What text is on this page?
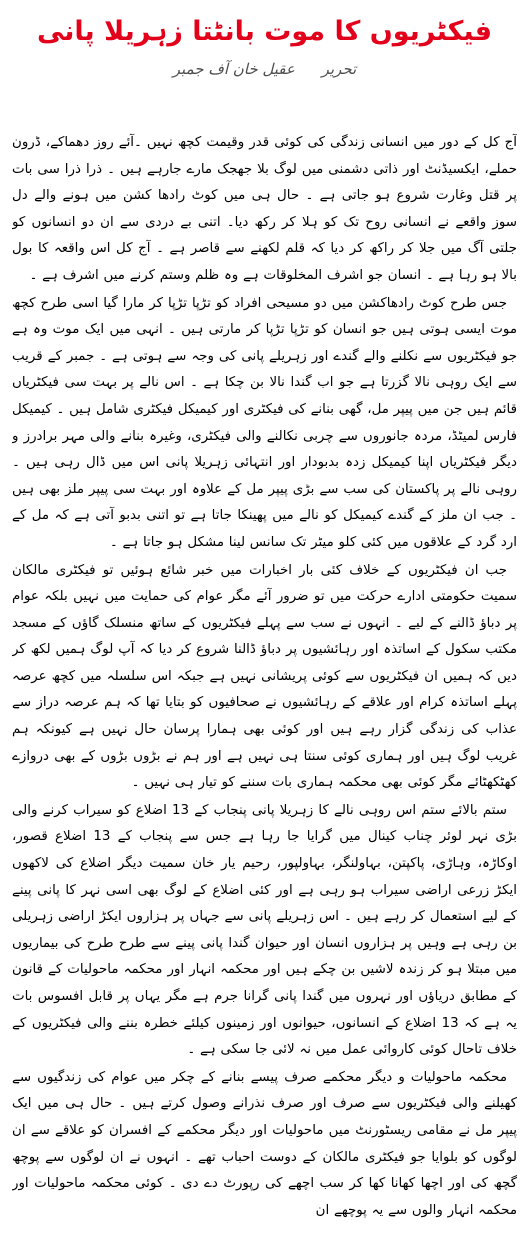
فیکٹریوں کا موت بانٹتا زہریلا پانی
تحریر عقیل خان آف جمبر

آج کل کے دور میں انسانی زندگی کی کوئی قدر وقیمت کچھ نہیں ۔آئے روز دھماکے، ڈرون حملے، ایکسیڈنٹ اور ذاتی دشمنی میں لوگ بلا جھجک مارے جارہے ہیں ۔ ذرا ذرا سی بات پر قتل وغارت شروع ہو جاتی ہے ۔ حال ہی میں کوٹ رادھا کشن میں ہونے والے دل سوز واقعے نے انسانی روح تک کو ہلا کر رکھ دیا۔ اتنی بے دردی سے ان دو انسانوں کو جلتی آگ میں جلا کر راکھ کر دیا کہ قلم لکھنے سے قاصر ہے ۔ آج کل اس واقعہ کا بول بالا ہو رہا ہے ۔ انسان جو اشرف المخلوقات ہے وہ ظلم وستم کرنے میں اشرف ہے ۔

جس طرح کوٹ رادھاکشن میں دو مسیحی افراد کو تڑپا تڑپا کر مارا گیا اسی طرح کچھ موت ایسی ہوتی ہیں جو انسان کو تڑپا تڑپا کر مارتی ہیں ۔ انہی میں ایک موت وہ ہے جو فیکٹریوں سے نکلنے والے گندے اور زہریلے پانی کی وجہ سے ہوتی ہے ۔ جمبر کے قریب سے ایک روہی نالا گزرتا ہے جو اب گندا نالا بن چکا ہے ۔ اس نالے پر بہت سی فیکٹریاں قائم ہیں جن میں پیپر مل، گھی بنانے کی فیکٹری اور کیمیکل فیکٹری شامل ہیں ۔ کیمیکل فارس لمیٹڈ، مردہ جانوروں سے چربی نکالنے والی فیکٹری، وغیرہ بنانے والی مہر برادرز و دیگر فیکٹریاں اپنا کیمیکل زدہ بدبودار اور انتہائی زہریلا پانی اس میں ڈال رہی ہیں ۔ روہی نالے پر پاکستان کی سب سے بڑی پیپر مل کے علاوہ اور بہت سی پیپر ملز بھی ہیں ۔ جب ان ملز کے گندے کیمیکل کو نالے میں پھینکا جاتا ہے تو اتنی بدبو آتی ہے کہ مل کے ارد گرد کے علاقوں میں کئی کلو میٹر تک سانس لینا مشکل ہو جاتا ہے ۔

جب ان فیکٹریوں کے خلاف کئی بار اخبارات میں خبر شائع ہوئیں تو فیکٹری مالکان سمیت حکومتی ادارے حرکت میں تو ضرور آئے مگر عوام کی حمایت میں نہیں بلکہ عوام پر دباؤ ڈالنے کے لیے ۔ انہوں نے سب سے پہلے فیکٹریوں کے ساتھ منسلک گاؤں کے مسجد مکتب سکول کے اساتذہ اور رہائشیوں پر دباؤ ڈالنا شروع کر دیا کہ آپ لوگ ہمیں لکھ کر دیں کہ ہمیں ان فیکٹریوں سے کوئی پریشانی نہیں ہے جبکہ اس سلسلہ میں کچھ عرصہ پہلے اساتذہ کرام اور علاقے کے رہائشیوں نے صحافیوں کو بتایا تھا کہ ہم عرصہ دراز سے عذاب کی زندگی گزار رہے ہیں اور کوئی بھی ہمارا پرسان حال نہیں ہے کیونکہ ہم غریب لوگ ہیں اور ہماری کوئی سنتا ہی نہیں ہے اور ہم نے بڑوں بڑوں کے بھی دروازے کھٹکھٹائے مگر کوئی بھی محکمہ ہماری بات سننے کو تیار ہی نہیں ۔

ستم بالائے ستم اس روہی نالے کا زہریلا پانی پنجاب کے 13 اضلاع کو سیراب کرنے والی بڑی نہر لوئر چناب کینال میں گرایا جا رہا ہے جس سے پنجاب کے 13 اضلاع قصور، اوکاڑہ، وہاڑی، پاکپتن، بہاولنگر، بہاولپور، رحیم یار خان سمیت دیگر اضلاع کی لاکھوں ایکڑ زرعی اراضی سیراب ہو رہی ہے اور کئی اضلاع کے لوگ بھی اسی نہر کا پانی پینے کے لیے استعمال کر رہے ہیں ۔ اس زہریلے پانی سے جہاں پر ہزاروں ایکڑ اراضی زہریلی بن رہی ہے وہیں پر ہزاروں انسان اور حیوان گندا پانی پینے سے طرح طرح کی بیماریوں میں مبتلا ہو کر زندہ لاشیں بن چکے ہیں اور محکمہ انہار اور محکمہ ماحولیات کے قانون کے مطابق دریاؤں اور نہروں میں گندا پانی گرانا جرم ہے مگر یہاں پر قابل افسوس بات یہ ہے کہ 13 اضلاع کے انسانوں، حیوانوں اور زمینوں کیلئے خطرہ بننے والی فیکٹریوں کے خلاف تاحال کوئی کاروائی عمل میں نہ لائی جا سکی ہے ۔

محکمہ ماحولیات و دیگر محکمے صرف پیسے بنانے کے چکر میں عوام کی زندگیوں سے کھیلنے والی فیکٹریوں سے صرف اور صرف نذرانے وصول کرتے ہیں ۔ حال ہی میں ایک پیپر مل نے مقامی ریسٹورنٹ میں ماحولیات اور دیگر محکمے کے افسران کو علاقے سے ان لوگوں کو بلوایا جو فیکٹری مالکان کے دوست احباب تھے ۔ انہوں نے ان لوگوں سے پوچھ گچھ کی اور اچھا کھانا کھا کر سب اچھے کی رپورٹ دے دی ۔ کوئی محکمہ ماحولیات اور محکمہ انہار والوں سے یہ پوچھے ان
